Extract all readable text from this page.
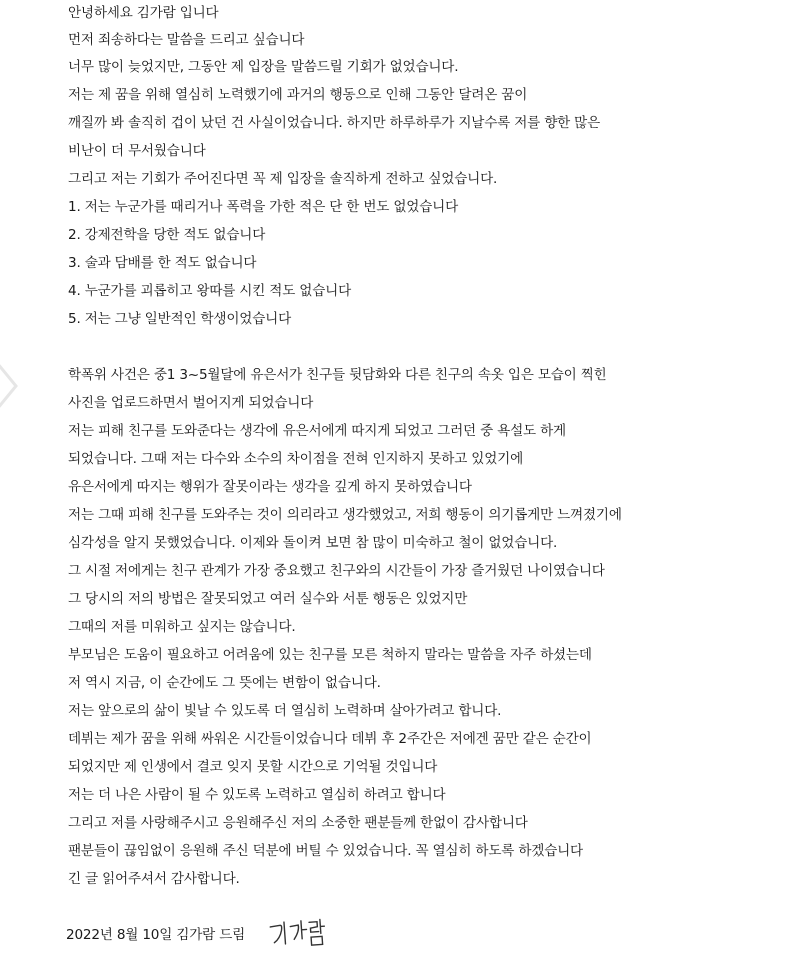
안녕하세요 김가람 입니다
먼저 죄송하다는 말씀을 드리고 싶습니다
너무 많이 늦었지만, 그동안 제 입장을 말씀드릴 기회가 없었습니다.
저는 제 꿈을 위해 열심히 노력했기에 과거의 행동으로 인해 그동안 달려온 꿈이
깨질까 봐 솔직히 겁이 났던 건 사실이었습니다. 하지만 하루하루가 지날수록 저를 향한 많은
비난이 더 무서웠습니다
그리고 저는 기회가 주어진다면 꼭 제 입장을 솔직하게 전하고 싶었습니다.
1. 저는 누군가를 때리거나 폭력을 가한 적은 단 한 번도 없었습니다
2. 강제전학을 당한 적도 없습니다
3. 술과 담배를 한 적도 없습니다
4. 누군가를 괴롭히고 왕따를 시킨 적도 없습니다
5. 저는 그냥 일반적인 학생이었습니다
학폭위 사건은 중1 3~5월달에 유은서가 친구들 뒷담화와 다른 친구의 속옷 입은 모습이 찍힌
사진을 업로드하면서 벌어지게 되었습니다
저는 피해 친구를 도와준다는 생각에 유은서에게 따지게 되었고 그러던 중 욕설도 하게
되었습니다. 그때 저는 다수와 소수의 차이점을 전혀 인지하지 못하고 있었기에
유은서에게 따지는 행위가 잘못이라는 생각을 깊게 하지 못하였습니다
저는 그때 피해 친구를 도와주는 것이 의리라고 생각했었고, 저희 행동이 의기롭게만 느껴졌기에
심각성을 알지 못했었습니다. 이제와 돌이켜 보면 참 많이 미숙하고 철이 없었습니다.
그 시절 저에게는 친구 관계가 가장 중요했고 친구와의 시간들이 가장 즐거웠던 나이였습니다
그 당시의 저의 방법은 잘못되었고 여러 실수와 서툰 행동은 있었지만
그때의 저를 미워하고 싶지는 않습니다.
부모님은 도움이 필요하고 어려움에 있는 친구를 모른 척하지 말라는 말씀을 자주 하셨는데
저 역시 지금, 이 순간에도 그 뜻에는 변함이 없습니다.
저는 앞으로의 삶이 빛날 수 있도록 더 열심히 노력하며 살아가려고 합니다.
데뷔는 제가 꿈을 위해 싸워온 시간들이었습니다 데뷔 후 2주간은 저에겐 꿈만 같은 순간이
되었지만 제 인생에서 결코 잊지 못할 시간으로 기억될 것입니다
저는 더 나은 사람이 될 수 있도록 노력하고 열심히 하려고 합니다
그리고 저를 사랑해주시고 응원해주신 저의 소중한 팬분들께 한없이 감사합니다
팬분들이 끊임없이 응원해 주신 덕분에 버틸 수 있었습니다. 꼭 열심히 하도록 하겠습니다
긴 글 읽어주셔서 감사합니다.
2022년 8월 10일 김가람 드림
